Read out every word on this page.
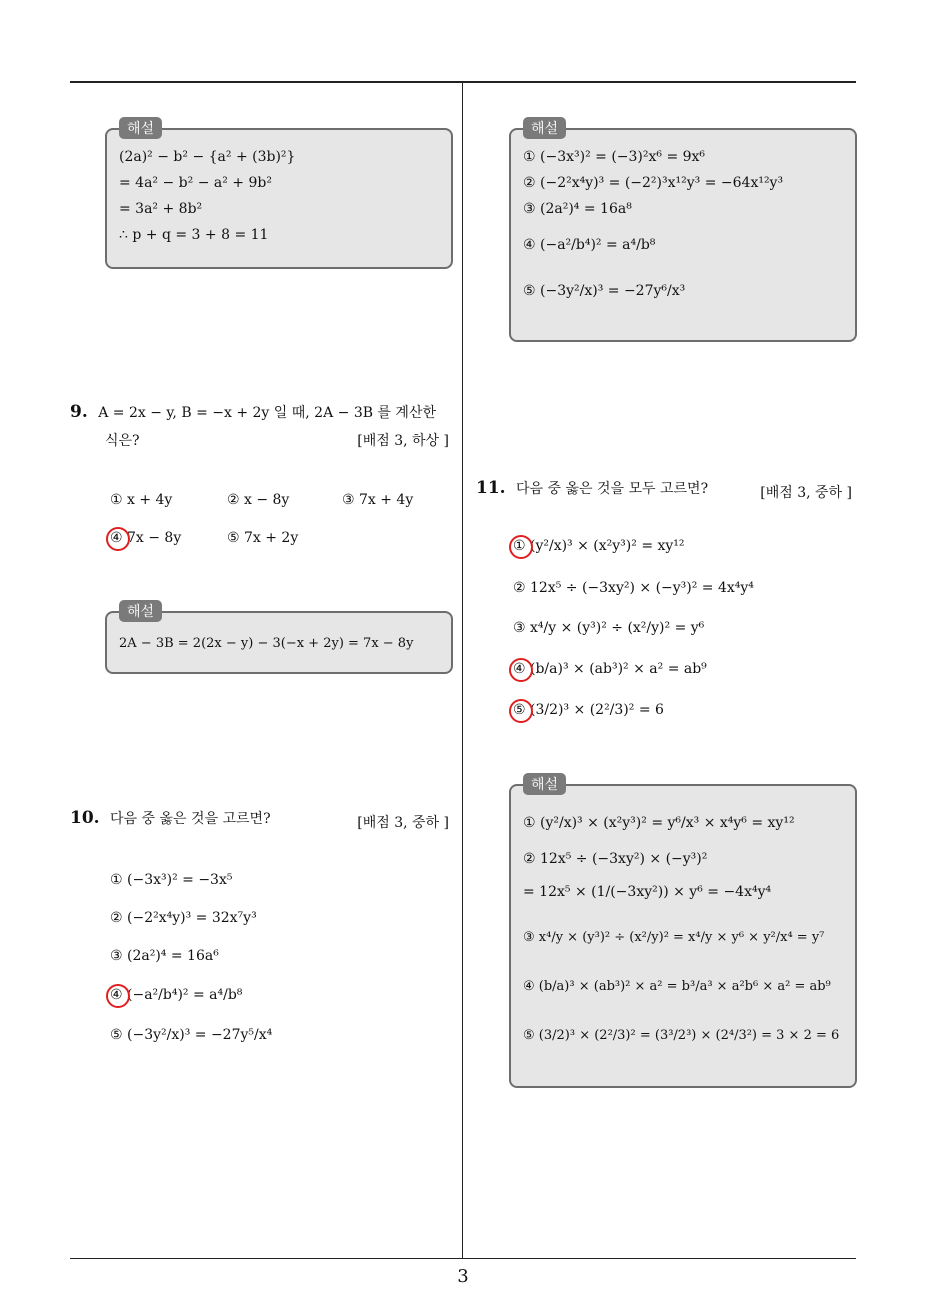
해설
(2a)² − b² − {a² + (3b)²}
= 4a² − b² − a² + 9b²
= 3a² + 8b²
∴ p + q = 3 + 8 = 11
9. A = 2x − y, B = −x + 2y 일 때, 2A − 3B 를 계산한
식은?	[배점 3, 하상 ]
① x + 4y	② x − 8y	③ 7x + 4y
④ 7x − 8y	⑤ 7x + 2y
해설
2A − 3B = 2(2x − y) − 3(−x + 2y) = 7x − 8y
10. 다음 중 옳은 것을 고르면?	[배점 3, 중하 ]
① (−3x³)² = −3x⁵
② (−2²x⁴y)³ = 32x⁷y³
③ (2a²)⁴ = 16a⁶
④ (−a²/b⁴)² = a⁴/b⁸
⑤ (−3y²/x)³ = −27y⁵/x⁴
해설
① (−3x³)² = (−3)²x⁶ = 9x⁶
② (−2²x⁴y)³ = (−2²)³x¹²y³ = −64x¹²y³
③ (2a²)⁴ = 16a⁸
④ (−a²/b⁴)² = a⁴/b⁸
⑤ (−3y²/x)³ = −27y⁶/x³
11. 다음 중 옳은 것을 모두 고르면?	[배점 3, 중하 ]
① (y²/x)³ × (x²y³)² = xy¹²
② 12x⁵ ÷ (−3xy²) × (−y³)² = 4x⁴y⁴
③ x⁴/y × (y³)² ÷ (x²/y)² = y⁶
④ (b/a)³ × (ab³)² × a² = ab⁹
⑤ (3/2)³ × (2²/3)² = 6
해설
① (y²/x)³ × (x²y³)² = y⁶/x³ × x⁴y⁶ = xy¹²
② 12x⁵ ÷ (−3xy²) × (−y³)²
= 12x⁵ × (1/(−3xy²)) × y⁶ = −4x⁴y⁴
③ x⁴/y × (y³)² ÷ (x²/y)² = x⁴/y × y⁶ × y²/x⁴ = y⁷
④ (b/a)³ × (ab³)² × a² = b³/a³ × a²b⁶ × a² = ab⁹
⑤ (3/2)³ × (2²/3)² = (3³/2³) × (2⁴/3²) = 3 × 2 = 6
3
